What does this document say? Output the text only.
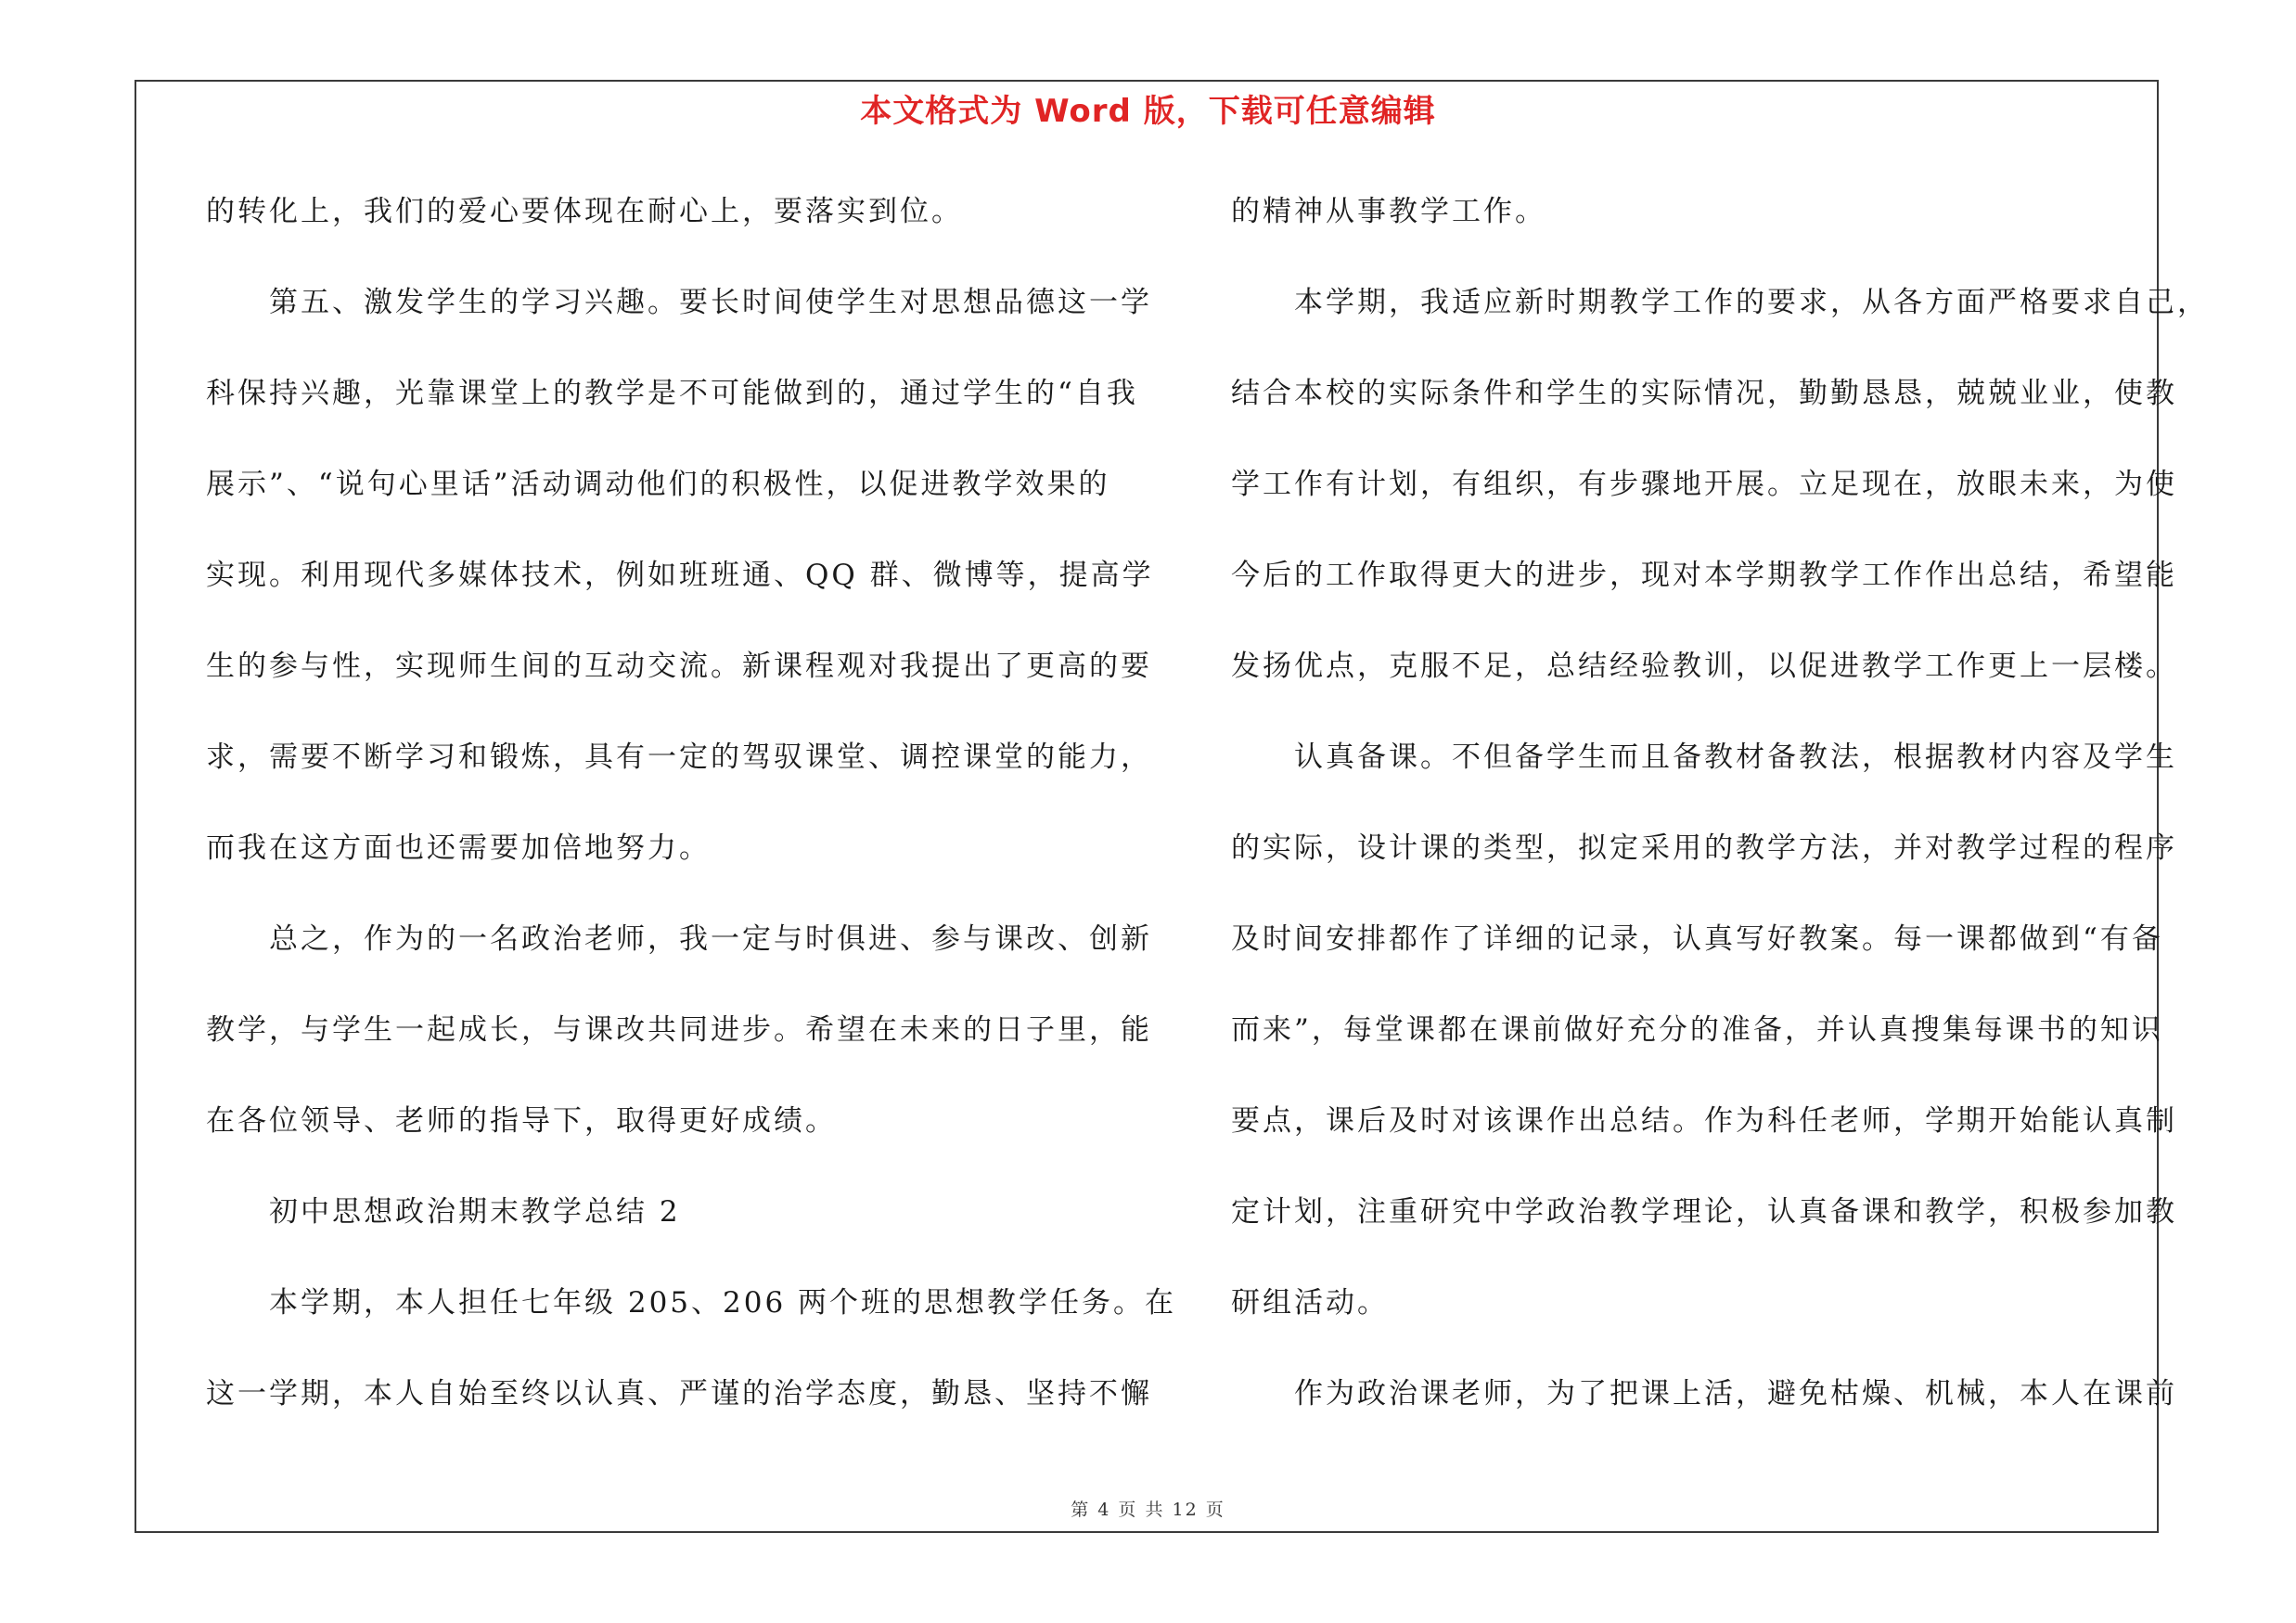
本文格式为 Word 版，下载可任意编辑
的转化上，我们的爱心要体现在耐心上，要落实到位。
　　第五、激发学生的学习兴趣。要长时间使学生对思想品德这一学
科保持兴趣，光靠课堂上的教学是不可能做到的，通过学生的“自我
展示”、“说句心里话”活动调动他们的积极性，以促进教学效果的
实现。利用现代多媒体技术，例如班班通、QQ 群、微博等，提高学
生的参与性，实现师生间的互动交流。新课程观对我提出了更高的要
求，需要不断学习和锻炼，具有一定的驾驭课堂、调控课堂的能力，
而我在这方面也还需要加倍地努力。
　　总之，作为的一名政治老师，我一定与时俱进、参与课改、创新
教学，与学生一起成长，与课改共同进步。希望在未来的日子里，能
在各位领导、老师的指导下，取得更好成绩。
　　初中思想政治期末教学总结 2
　　本学期，本人担任七年级 205、206 两个班的思想教学任务。在
这一学期，本人自始至终以认真、严谨的治学态度，勤恳、坚持不懈
的精神从事教学工作。
　　本学期，我适应新时期教学工作的要求，从各方面严格要求自己，
结合本校的实际条件和学生的实际情况，勤勤恳恳，兢兢业业，使教
学工作有计划，有组织，有步骤地开展。立足现在，放眼未来，为使
今后的工作取得更大的进步，现对本学期教学工作作出总结，希望能
发扬优点，克服不足，总结经验教训，以促进教学工作更上一层楼。
　　认真备课。不但备学生而且备教材备教法，根据教材内容及学生
的实际，设计课的类型，拟定采用的教学方法，并对教学过程的程序
及时间安排都作了详细的记录，认真写好教案。每一课都做到“有备
而来”，每堂课都在课前做好充分的准备，并认真搜集每课书的知识
要点，课后及时对该课作出总结。作为科任老师，学期开始能认真制
定计划，注重研究中学政治教学理论，认真备课和教学，积极参加教
研组活动。
　　作为政治课老师，为了把课上活，避免枯燥、机械，本人在课前
第 4 页 共 12 页
